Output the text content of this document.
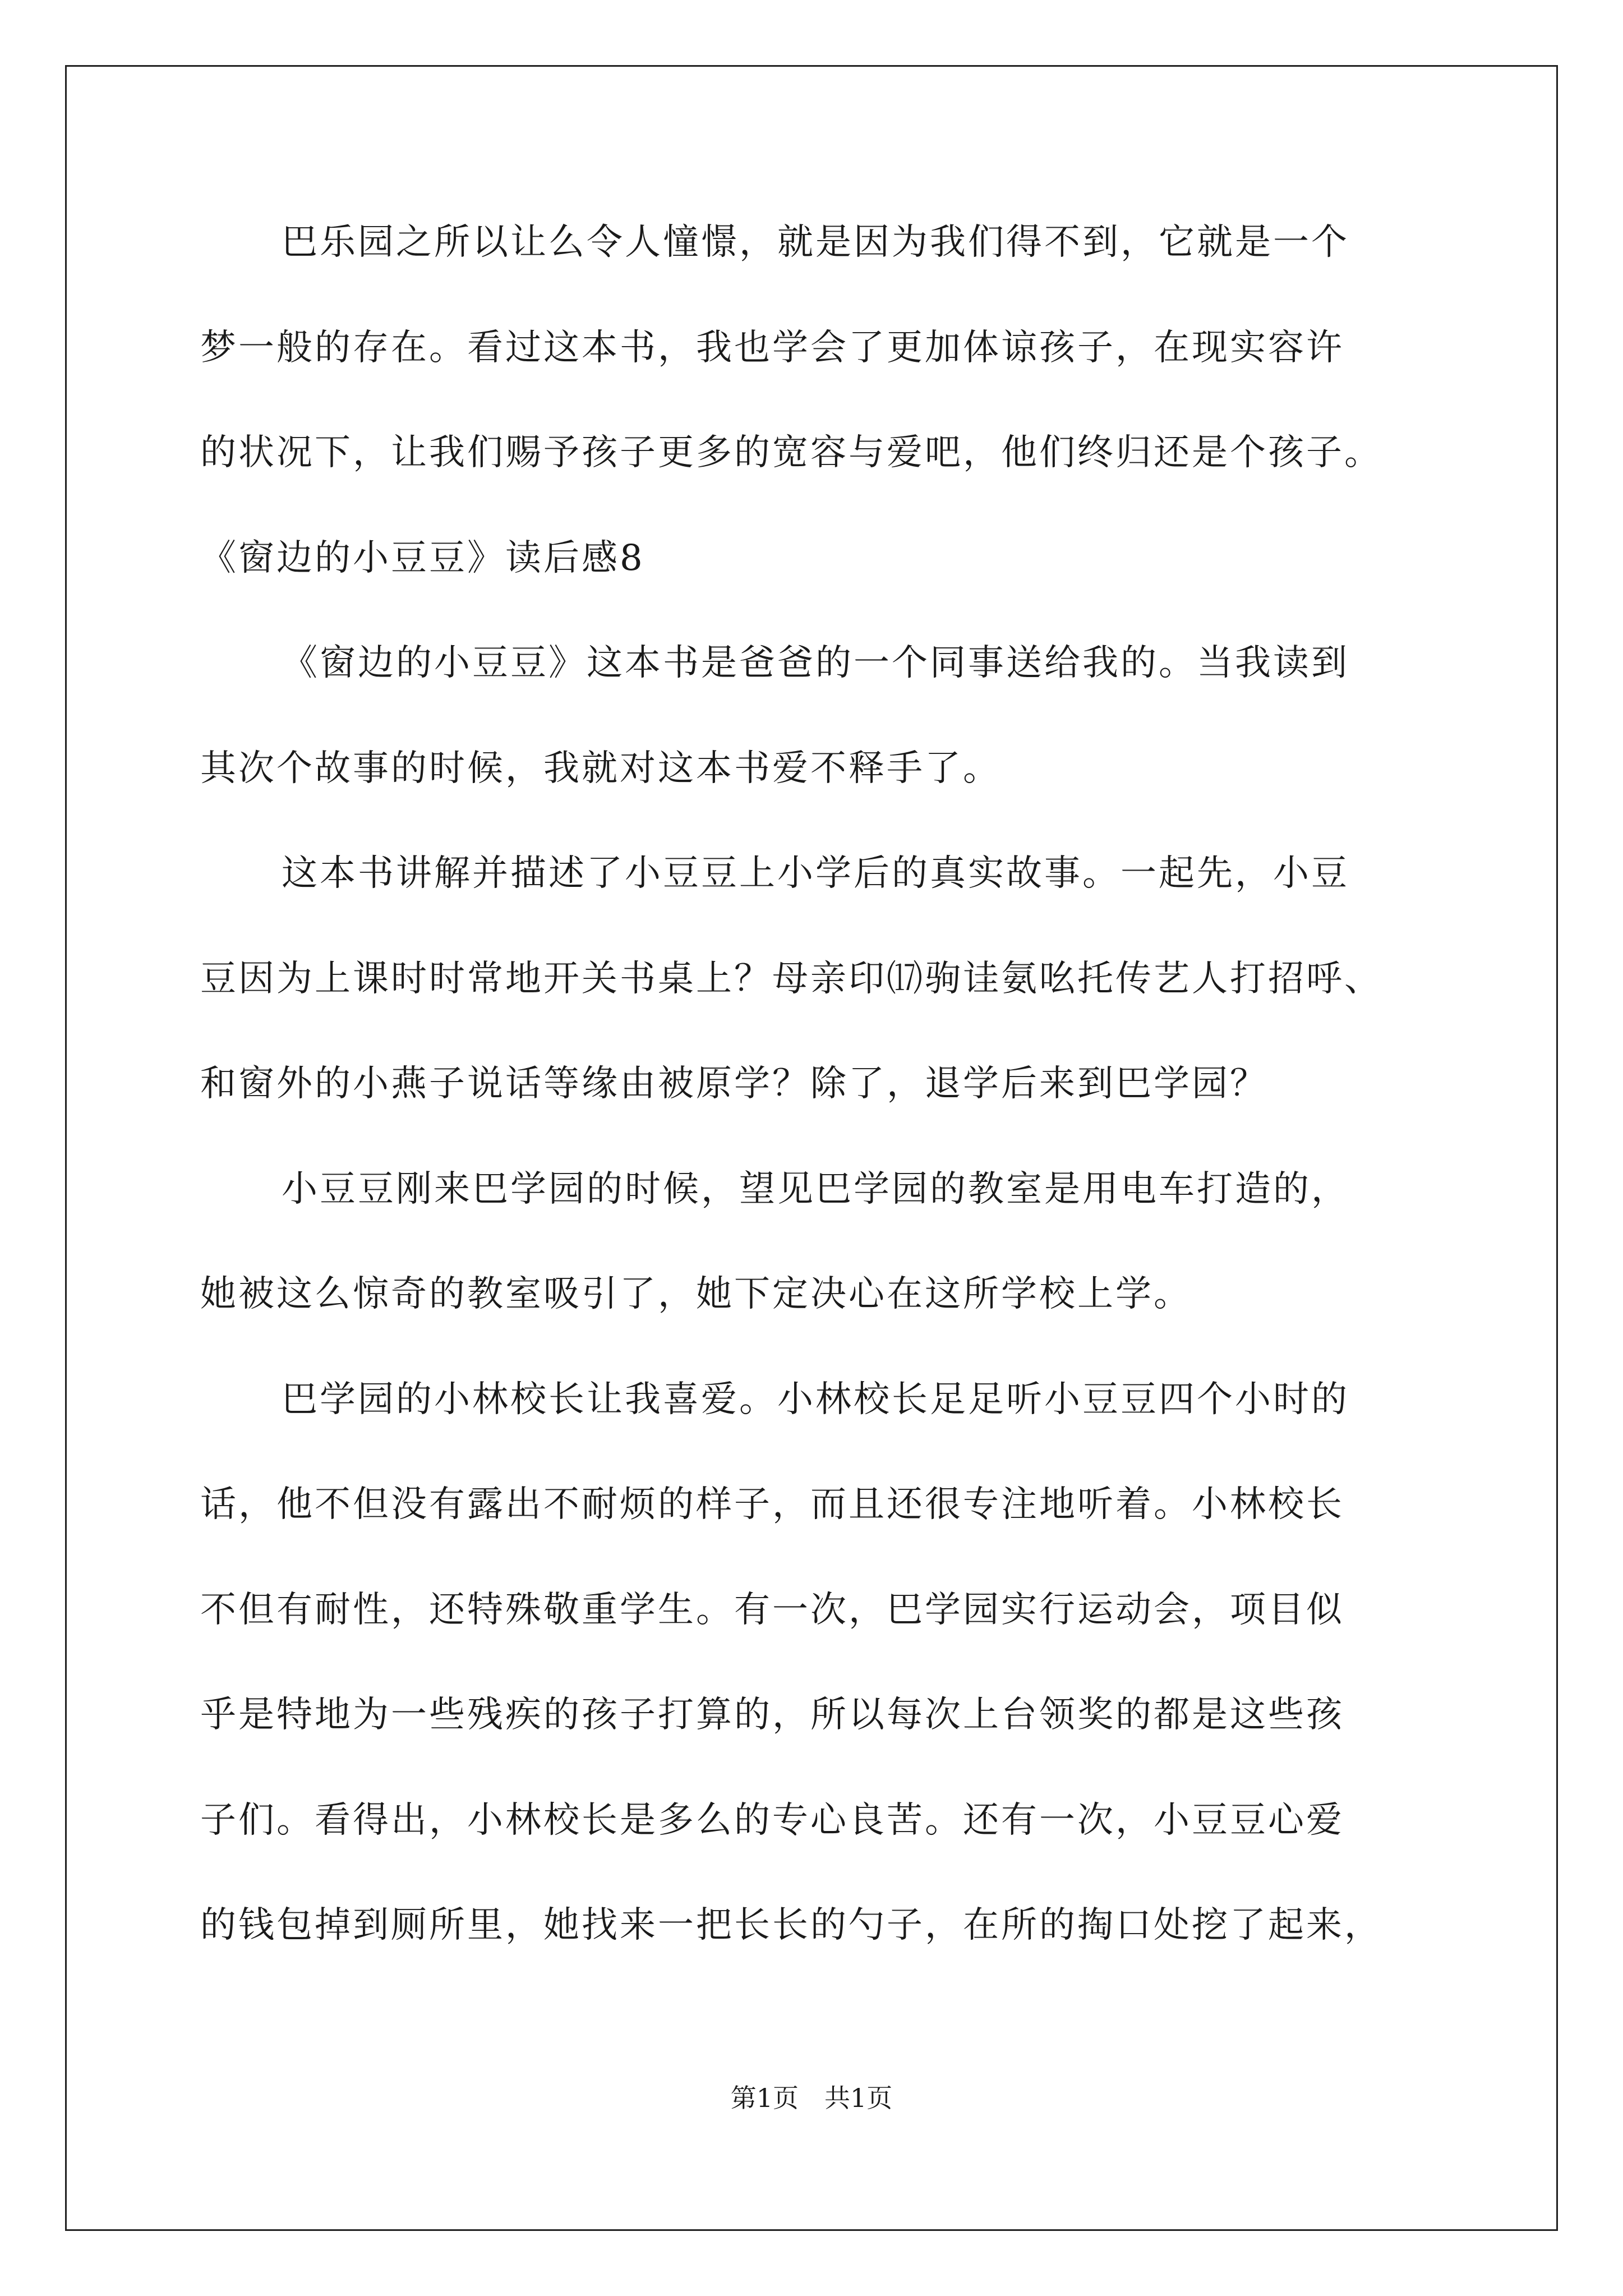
巴乐园之所以让么令人憧憬，就是因为我们得不到，它就是一个
梦一般的存在。看过这本书，我也学会了更加体谅孩子，在现实容许
的状况下，让我们赐予孩子更多的宽容与爱吧，他们终归还是个孩子。
《窗边的小豆豆》读后感8
《窗边的小豆豆》这本书是爸爸的一个同事送给我的。当我读到
其次个故事的时候，我就对这本书爱不释手了。
这本书讲解并描述了小豆豆上小学后的真实故事。一起先，小豆
豆因为上课时时常地开关书桌上？母亲印⒄驹诖氨吆托传艺人打招呼、
和窗外的小燕子说话等缘由被原学？除了，退学后来到巴学园？
小豆豆刚来巴学园的时候，望见巴学园的教室是用电车打造的，
她被这么惊奇的教室吸引了，她下定决心在这所学校上学。
巴学园的小林校长让我喜爱。小林校长足足听小豆豆四个小时的
话，他不但没有露出不耐烦的样子，而且还很专注地听着。小林校长
不但有耐性，还特殊敬重学生。有一次，巴学园实行运动会，项目似
乎是特地为一些残疾的孩子打算的，所以每次上台领奖的都是这些孩
子们。看得出，小林校长是多么的专心良苦。还有一次，小豆豆心爱
的钱包掉到厕所里，她找来一把长长的勺子，在所的掏口处挖了起来，
第1页　共1页
